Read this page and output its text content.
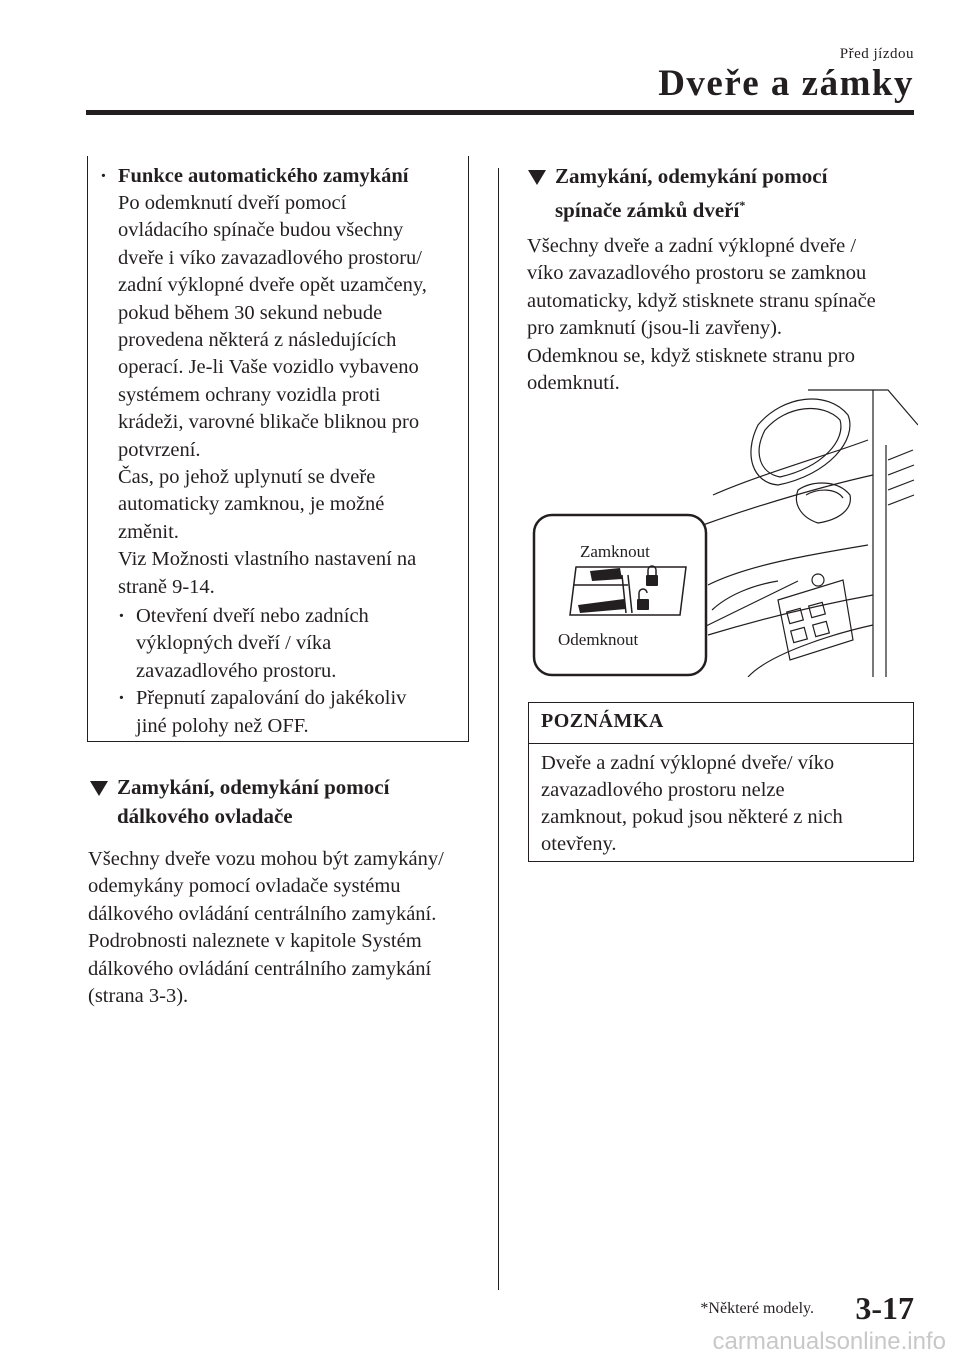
Před jízdou
Dveře a zámky
· Funkce automatického zamykání
Po odemknutí dveří pomocí
ovládacího spínače budou všechny
dveře i víko zavazadlového prostoru/
zadní výklopné dveře opět uzamčeny,
pokud během 30 sekund nebude
provedena některá z následujících
operací. Je-li Vaše vozidlo vybaveno
systémem ochrany vozidla proti
krádeži, varovné blikače bliknou pro
potvrzení.
Čas, po jehož uplynutí se dveře
automaticky zamknou, je možné
změnit.
Viz Možnosti vlastního nastavení na
straně 9-14.
· Otevření dveří nebo zadních
výklopných dveří / víka
zavazadlového prostoru.
· Přepnutí zapalování do jakékoliv
jiné polohy než OFF.
Zamykání, odemykání pomocí
dálkového ovladače
Všechny dveře vozu mohou být zamykány/
odemykány pomocí ovladače systému
dálkového ovládání centrálního zamykání.
Podrobnosti naleznete v kapitole Systém
dálkového ovládání centrálního zamykání
(strana 3-3).
Zamykání, odemykání pomocí
spínače zámků dveří*
Všechny dveře a zadní výklopné dveře /
víko zavazadlového prostoru se zamknou
automaticky, když stisknete stranu spínače
pro zamknutí (jsou-li zavřeny).
Odemknou se, když stisknete stranu pro
odemknutí.
Zamknout
Odemknout
POZNÁMKA
Dveře a zadní výklopné dveře/ víko
zavazadlového prostoru nelze
zamknout, pokud jsou některé z nich
otevřeny.
*Některé modely. 3-17
carmanualsonline.info
